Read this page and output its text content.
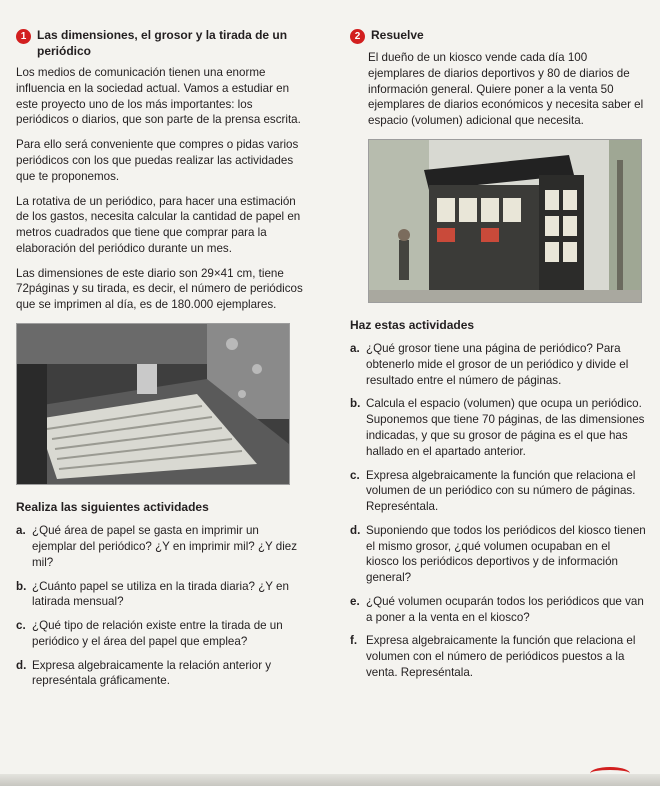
1 Las dimensiones, el grosor y la tirada de un periódico

Los medios de comunicación tienen una enorme influencia en la sociedad actual. Vamos a estudiar en este proyecto uno de los más importantes: los periódicos o diarios, que son parte de la prensa escrita.

Para ello será conveniente que compres o pidas varios periódicos con los que puedas realizar las actividades que te proponemos.

La rotativa de un periódico, para hacer una estimación de los gastos, necesita calcular la cantidad de papel en metros cuadrados que tiene que comprar para la elaboración del periódico durante un mes.

Las dimensiones de este diario son 29×41 cm, tiene 72páginas y su tirada, es decir, el número de periódicos que se imprimen al día, es de 180.000 ejemplares.

Realiza las siguientes actividades
a. ¿Qué área de papel se gasta en imprimir un ejemplar del periódico? ¿Y en imprimir mil? ¿Y diez mil?
b. ¿Cuánto papel se utiliza en la tirada diaria? ¿Y en latirada mensual?
c. ¿Qué tipo de relación existe entre la tirada de un periódico y el área del papel que emplea?
d. Expresa algebraicamente la relación anterior y represéntala gráficamente.
2 Resuelve

El dueño de un kiosco vende cada día 100 ejemplares de diarios deportivos y 80 de diarios de información general. Quiere poner a la venta 50 ejemplares de diarios económicos y necesita saber el espacio (volumen) adicional que necesita.

Haz estas actividades
a. ¿Qué grosor tiene una página de periódico? Para obtenerlo mide el grosor de un periódico y divide el resultado entre el número de páginas.
b. Calcula el espacio (volumen) que ocupa un periódico. Suponemos que tiene 70 páginas, de las dimensiones indicadas, y que su grosor de página es el que has hallado en el apartado anterior.
c. Expresa algebraicamente la función que relaciona el volumen de un periódico con su número de páginas. Represéntala.
d. Suponiendo que todos los periódicos del kiosco tienen el mismo grosor, ¿qué volumen ocupaban en el kiosco los periódicos deportivos y de información general?
e. ¿Qué volumen ocuparán todos los periódicos que van a poner a la venta en el kiosco?
f. Expresa algebraicamente la función que relaciona el volumen con el número de periódicos puestos a la venta. Represéntala.
